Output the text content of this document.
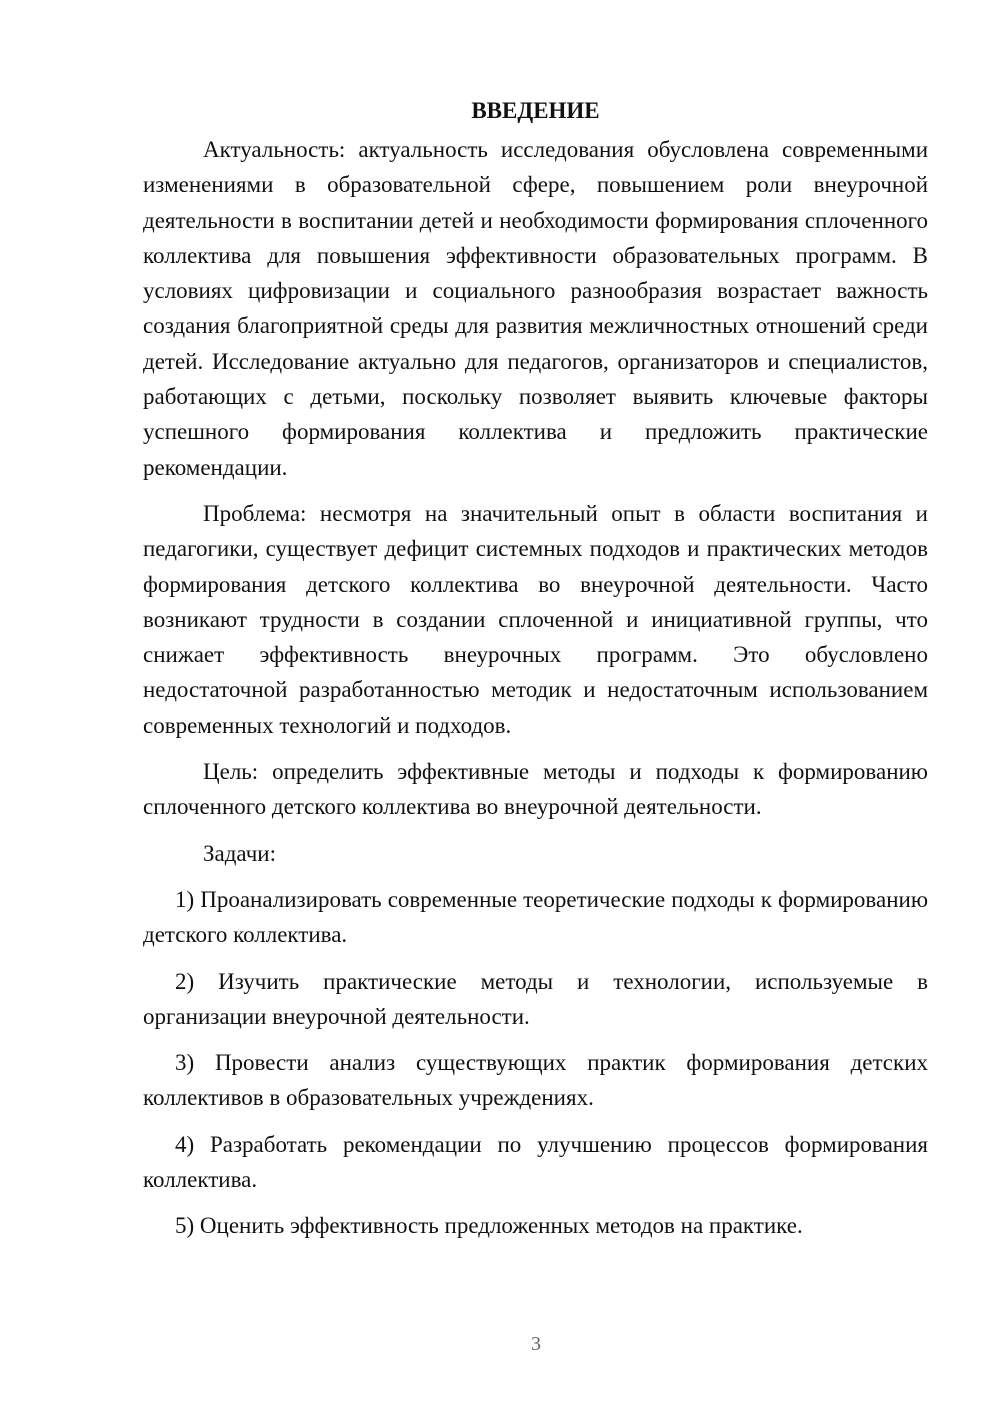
ВВЕДЕНИЕ

Актуальность: актуальность исследования обусловлена современными изменениями в образовательной сфере, повышением роли внеурочной деятельности в воспитании детей и необходимости формирования сплоченного коллектива для повышения эффективности образовательных программ. В условиях цифровизации и социального разнообразия возрастает важность создания благоприятной среды для развития межличностных отношений среди детей. Исследование актуально для педагогов, организаторов и специалистов, работающих с детьми, поскольку позволяет выявить ключевые факторы успешного формирования коллектива и предложить практические рекомендации.

Проблема: несмотря на значительный опыт в области воспитания и педагогики, существует дефицит системных подходов и практических методов формирования детского коллектива во внеурочной деятельности. Часто возникают трудности в создании сплоченной и инициативной группы, что снижает эффективность внеурочных программ. Это обусловлено недостаточной разработанностью методик и недостаточным использованием современных технологий и подходов.

Цель: определить эффективные методы и подходы к формированию сплоченного детского коллектива во внеурочной деятельности.

Задачи:

1) Проанализировать современные теоретические подходы к формированию детского коллектива.

2) Изучить практические методы и технологии, используемые в организации внеурочной деятельности.

3) Провести анализ существующих практик формирования детских коллективов в образовательных учреждениях.

4) Разработать рекомендации по улучшению процессов формирования коллектива.

5) Оценить эффективность предложенных методов на практике.

3
